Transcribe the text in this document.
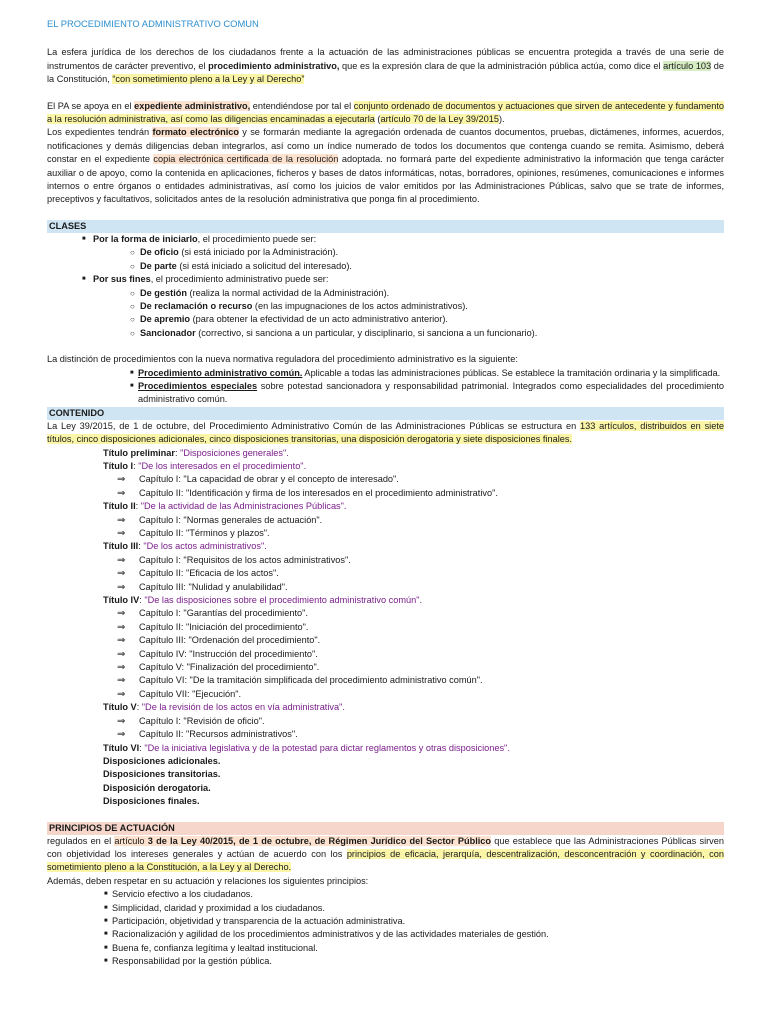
EL PROCEDIMIENTO ADMINISTRATIVO COMUN

La esfera jurídica de los derechos de los ciudadanos frente a la actuación de las administraciones públicas se encuentra protegida a través de una serie de instrumentos de carácter preventivo, el procedimiento administrativo, que es la expresión clara de que la administración pública actúa, como dice el artículo 103 de la Constitución, “con sometimiento pleno a la Ley y al Derecho”

El PA se apoya en el expediente administrativo, entendiéndose por tal el conjunto ordenado de documentos y actuaciones que sirven de antecedente y fundamento a la resolución administrativa, así como las diligencias encaminadas a ejecutarla (artículo 70 de la Ley 39/2015).

Los expedientes tendrán formato electrónico y se formarán mediante la agregación ordenada de cuantos documentos, pruebas, dictámenes, informes, acuerdos, notificaciones y demás diligencias deban integrarlos, así como un índice numerado de todos los documentos que contenga cuando se remita. Asimismo, deberá constar en el expediente copia electrónica certificada de la resolución adoptada. no formará parte del expediente administrativo la información que tenga carácter auxiliar o de apoyo, como la contenida en aplicaciones, ficheros y bases de datos informáticas, notas, borradores, opiniones, resúmenes, comunicaciones e informes internos o entre órganos o entidades administrativas, así como los juicios de valor emitidos por las Administraciones Públicas, salvo que se trate de informes, preceptivos y facultativos, solicitados antes de la resolución administrativa que ponga fin al procedimiento.

CLASES
■ Por la forma de iniciarlo, el procedimiento puede ser:
○ De oficio (si está iniciado por la Administración).
○ De parte (si está iniciado a solicitud del interesado).
■ Por sus fines, el procedimiento administrativo puede ser:
○ De gestión (realiza la normal actividad de la Administración).
○ De reclamación o recurso (en las impugnaciones de los actos administrativos).
○ De apremio (para obtener la efectividad de un acto administrativo anterior).
○ Sancionador (correctivo, si sanciona a un particular, y disciplinario, si sanciona a un funcionario).

La distinción de procedimientos con la nueva normativa reguladora del procedimiento administrativo es la siguiente:

■ Procedimiento administrativo común. Aplicable a todas las administraciones públicas. Se establece la tramitación ordinaria y la simplificada.
■ Procedimientos especiales sobre potestad sancionadora y responsabilidad patrimonial. Integrados como especialidades del procedimiento administrativo común.
CONTENIDO

La Ley 39/2015, de 1 de octubre, del Procedimiento Administrativo Común de las Administraciones Públicas se estructura en 133 artículos, distribuidos en siete títulos, cinco disposiciones adicionales, cinco disposiciones transitorias, una disposición derogatoria y siete disposiciones finales.

Título preliminar: "Disposiciones generales".
Título I: "De los interesados en el procedimiento".
⇒ Capítulo I: "La capacidad de obrar y el concepto de interesado".
⇒ Capítulo II: "Identificación y firma de los interesados en el procedimiento administrativo".
Título II: "De la actividad de las Administraciones Públicas".
⇒ Capítulo I: "Normas generales de actuación".
⇒ Capítulo II: "Términos y plazos".
Título III: "De los actos administrativos".
⇒ Capítulo I: "Requisitos de los actos administrativos".
⇒ Capítulo II: "Eficacia de los actos".
⇒ Capítulo III: "Nulidad y anulabilidad".
Título IV: "De las disposiciones sobre el procedimiento administrativo común".
⇒ Capítulo I: "Garantías del procedimiento".
⇒ Capítulo II: "Iniciación del procedimiento".
⇒ Capítulo III: "Ordenación del procedimiento".
⇒ Capítulo IV: "Instrucción del procedimiento".
⇒ Capítulo V: "Finalización del procedimiento".
⇒ Capítulo VI: "De la tramitación simplificada del procedimiento administrativo común".
⇒ Capítulo VII: "Ejecución".
Título V: "De la revisión de los actos en vía administrativa".
⇒ Capítulo I: "Revisión de oficio".
⇒ Capítulo II: "Recursos administrativos".
Título VI: "De la iniciativa legislativa y de la potestad para dictar reglamentos y otras disposiciones".
Disposiciones adicionales.
Disposiciones transitorias.
Disposición derogatoria.
Disposiciones finales.
PRINCIPIOS DE ACTUACIÓN

regulados en el artículo 3 de la Ley 40/2015, de 1 de octubre, de Régimen Jurídico del Sector Público que establece que las Administraciones Públicas sirven con objetividad los intereses generales y actúan de acuerdo con los principios de eficacia, jerarquía, descentralización, desconcentración y coordinación, con sometimiento pleno a la Constitución, a la Ley y al Derecho.

Además, deben respetar en su actuación y relaciones los siguientes principios:

■ Servicio efectivo a los ciudadanos.
■ Simplicidad, claridad y proximidad a los ciudadanos.
■ Participación, objetividad y transparencia de la actuación administrativa.
■ Racionalización y agilidad de los procedimientos administrativos y de las actividades materiales de gestión.
■ Buena fe, confianza legítima y lealtad institucional.
■ Responsabilidad por la gestión pública.
